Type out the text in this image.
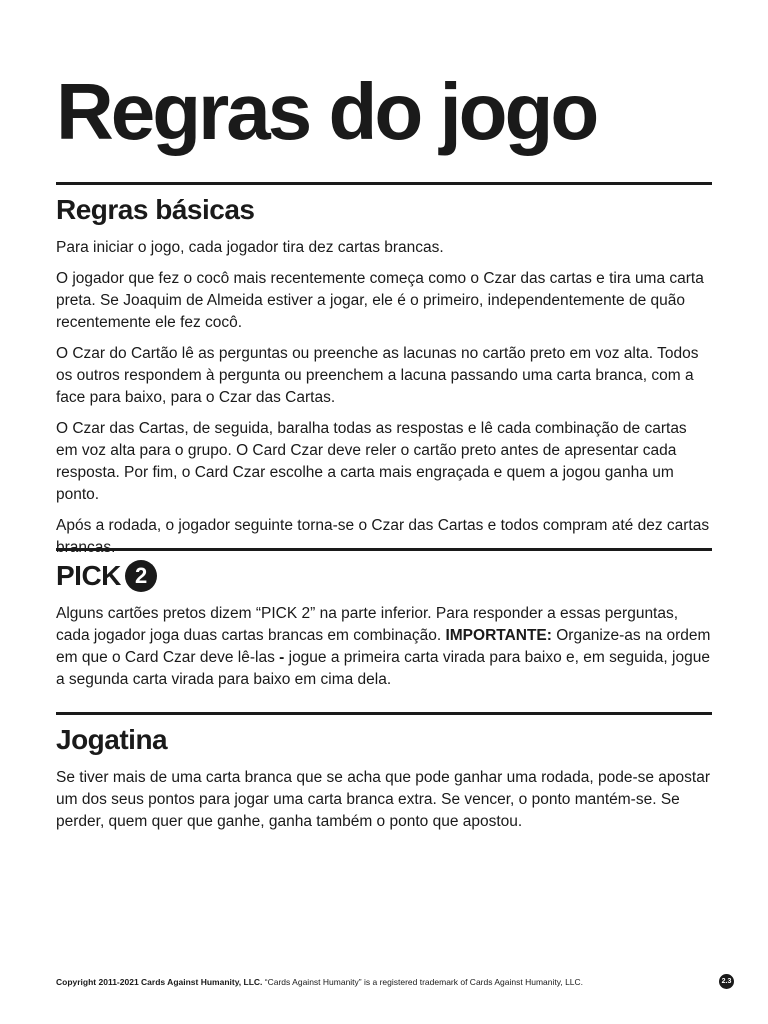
Regras do jogo
Regras básicas

Para iniciar o jogo, cada jogador tira dez cartas brancas.

O jogador que fez o cocô mais recentemente começa como o Czar das cartas e tira uma carta preta. Se Joaquim de Almeida estiver a jogar, ele é o primeiro, independentemente de quão recentemente ele fez cocô.

O Czar do Cartão lê as perguntas ou preenche as lacunas no cartão preto em voz alta. Todos os outros respondem à pergunta ou preenchem a lacuna passando uma carta branca, com a face para baixo, para o Czar das Cartas.

O Czar das Cartas, de seguida, baralha todas as respostas e lê cada combinação de cartas em voz alta para o grupo. O Card Czar deve reler o cartão preto antes de apresentar cada resposta. Por fim, o Card Czar escolhe a carta mais engraçada e quem a jogou ganha um ponto.

Após a rodada, o jogador seguinte torna-se o Czar das Cartas e todos compram até dez cartas

PICK 2

Alguns cartões pretos dizem “PICK 2” na parte inferior. Para responder a essas perguntas, cada jogador joga duas cartas brancas em combinação. IMPORTANTE: Organize-as na ordem em que o Card Czar deve lê-las - jogue a primeira carta virada para baixo e, em seguida, jogue a segunda carta virada para baixo em cima dela.

Jogatina

Se tiver mais de uma carta branca que se acha que pode ganhar uma rodada, pode-se apostar um dos seus pontos para jogar uma carta branca extra. Se vencer, o ponto mantém-se. Se perder, quem quer que ganhe, ganha também o ponto que apostou.

Copyright 2011-2021 Cards Against Humanity, LLC. “Cards Against Humanity” is a registered trademark of Cards Against Humanity, LLC.	2.3
